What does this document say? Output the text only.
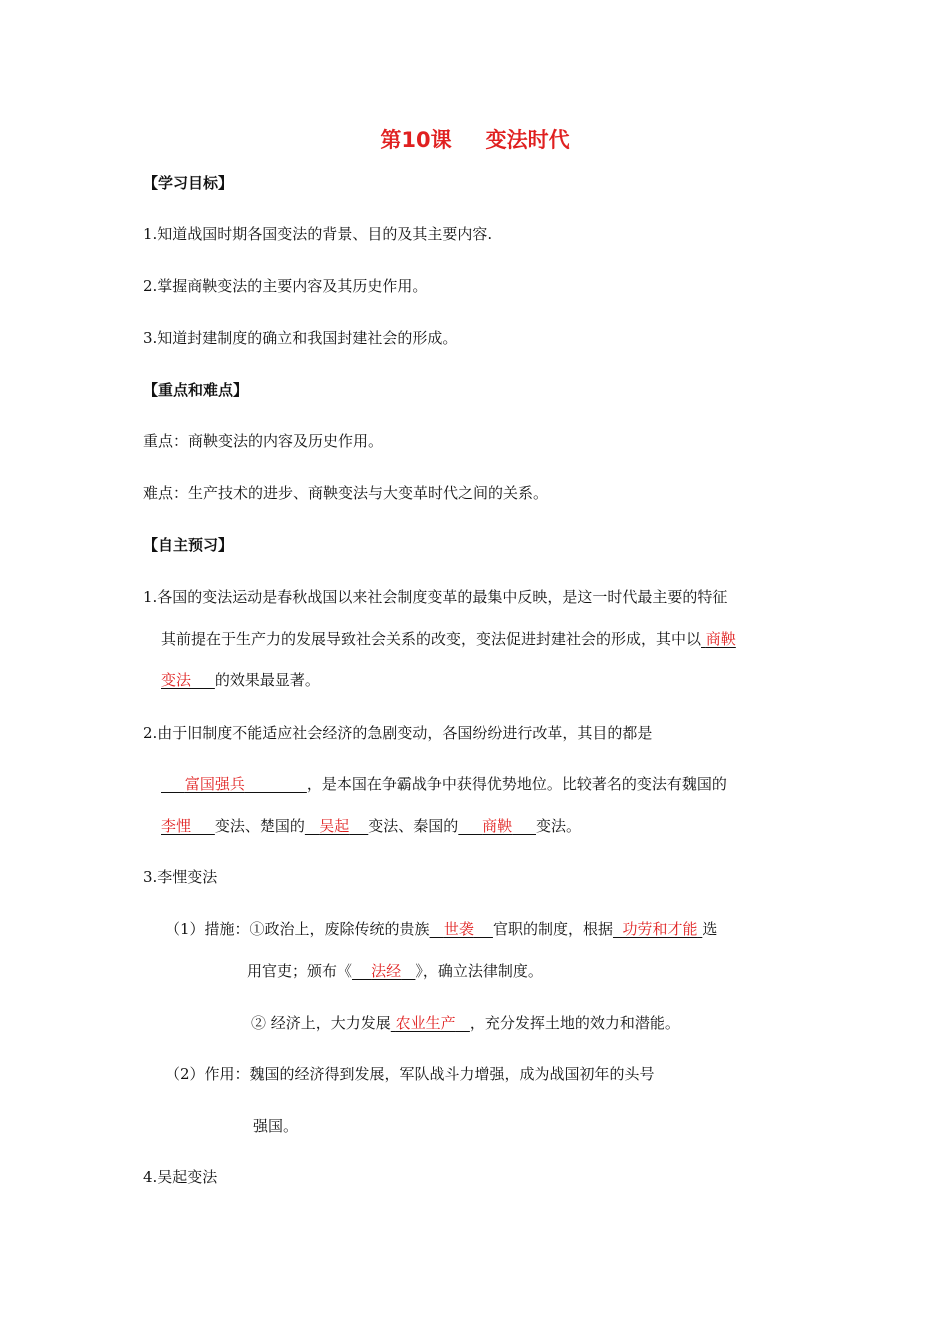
第10课 变法时代
【学习目标】
1.知道战国时期各国变法的背景、目的及其主要内容.
2.掌握商鞅变法的主要内容及其历史作用。
3.知道封建制度的确立和我国封建社会的形成。
【重点和难点】
重点：商鞅变法的内容及历史作用。
难点：生产技术的进步、商鞅变法与大变革时代之间的关系。
【自主预习】
1.各国的变法运动是春秋战国以来社会制度变革的最集中反映，是这一时代最主要的特征
其前提在于生产力的发展导致社会关系的改变，变法促进封建社会的形成，其中以 商鞅
变法 的效果最显著。
2.由于旧制度不能适应社会经济的急剧变动，各国纷纷进行改革，其目的都是
富国强兵	，是本国在争霸战争中获得优势地位。比较著名的变法有魏国的
李悝 变法、楚国的 吴起 变法、秦国的 商鞅 变法。
3.李悝变法
（1）措施：①政治上，废除传统的贵族 世袭 官职的制度，根据 功劳和才能 选
用官吏；颁布《 法经 》，确立法律制度。
② 经济上，大力发展 农业生产 ，充分发挥土地的效力和潜能。
（2）作用：魏国的经济得到发展，军队战斗力增强，成为战国初年的头号
强国。
4.吴起变法
